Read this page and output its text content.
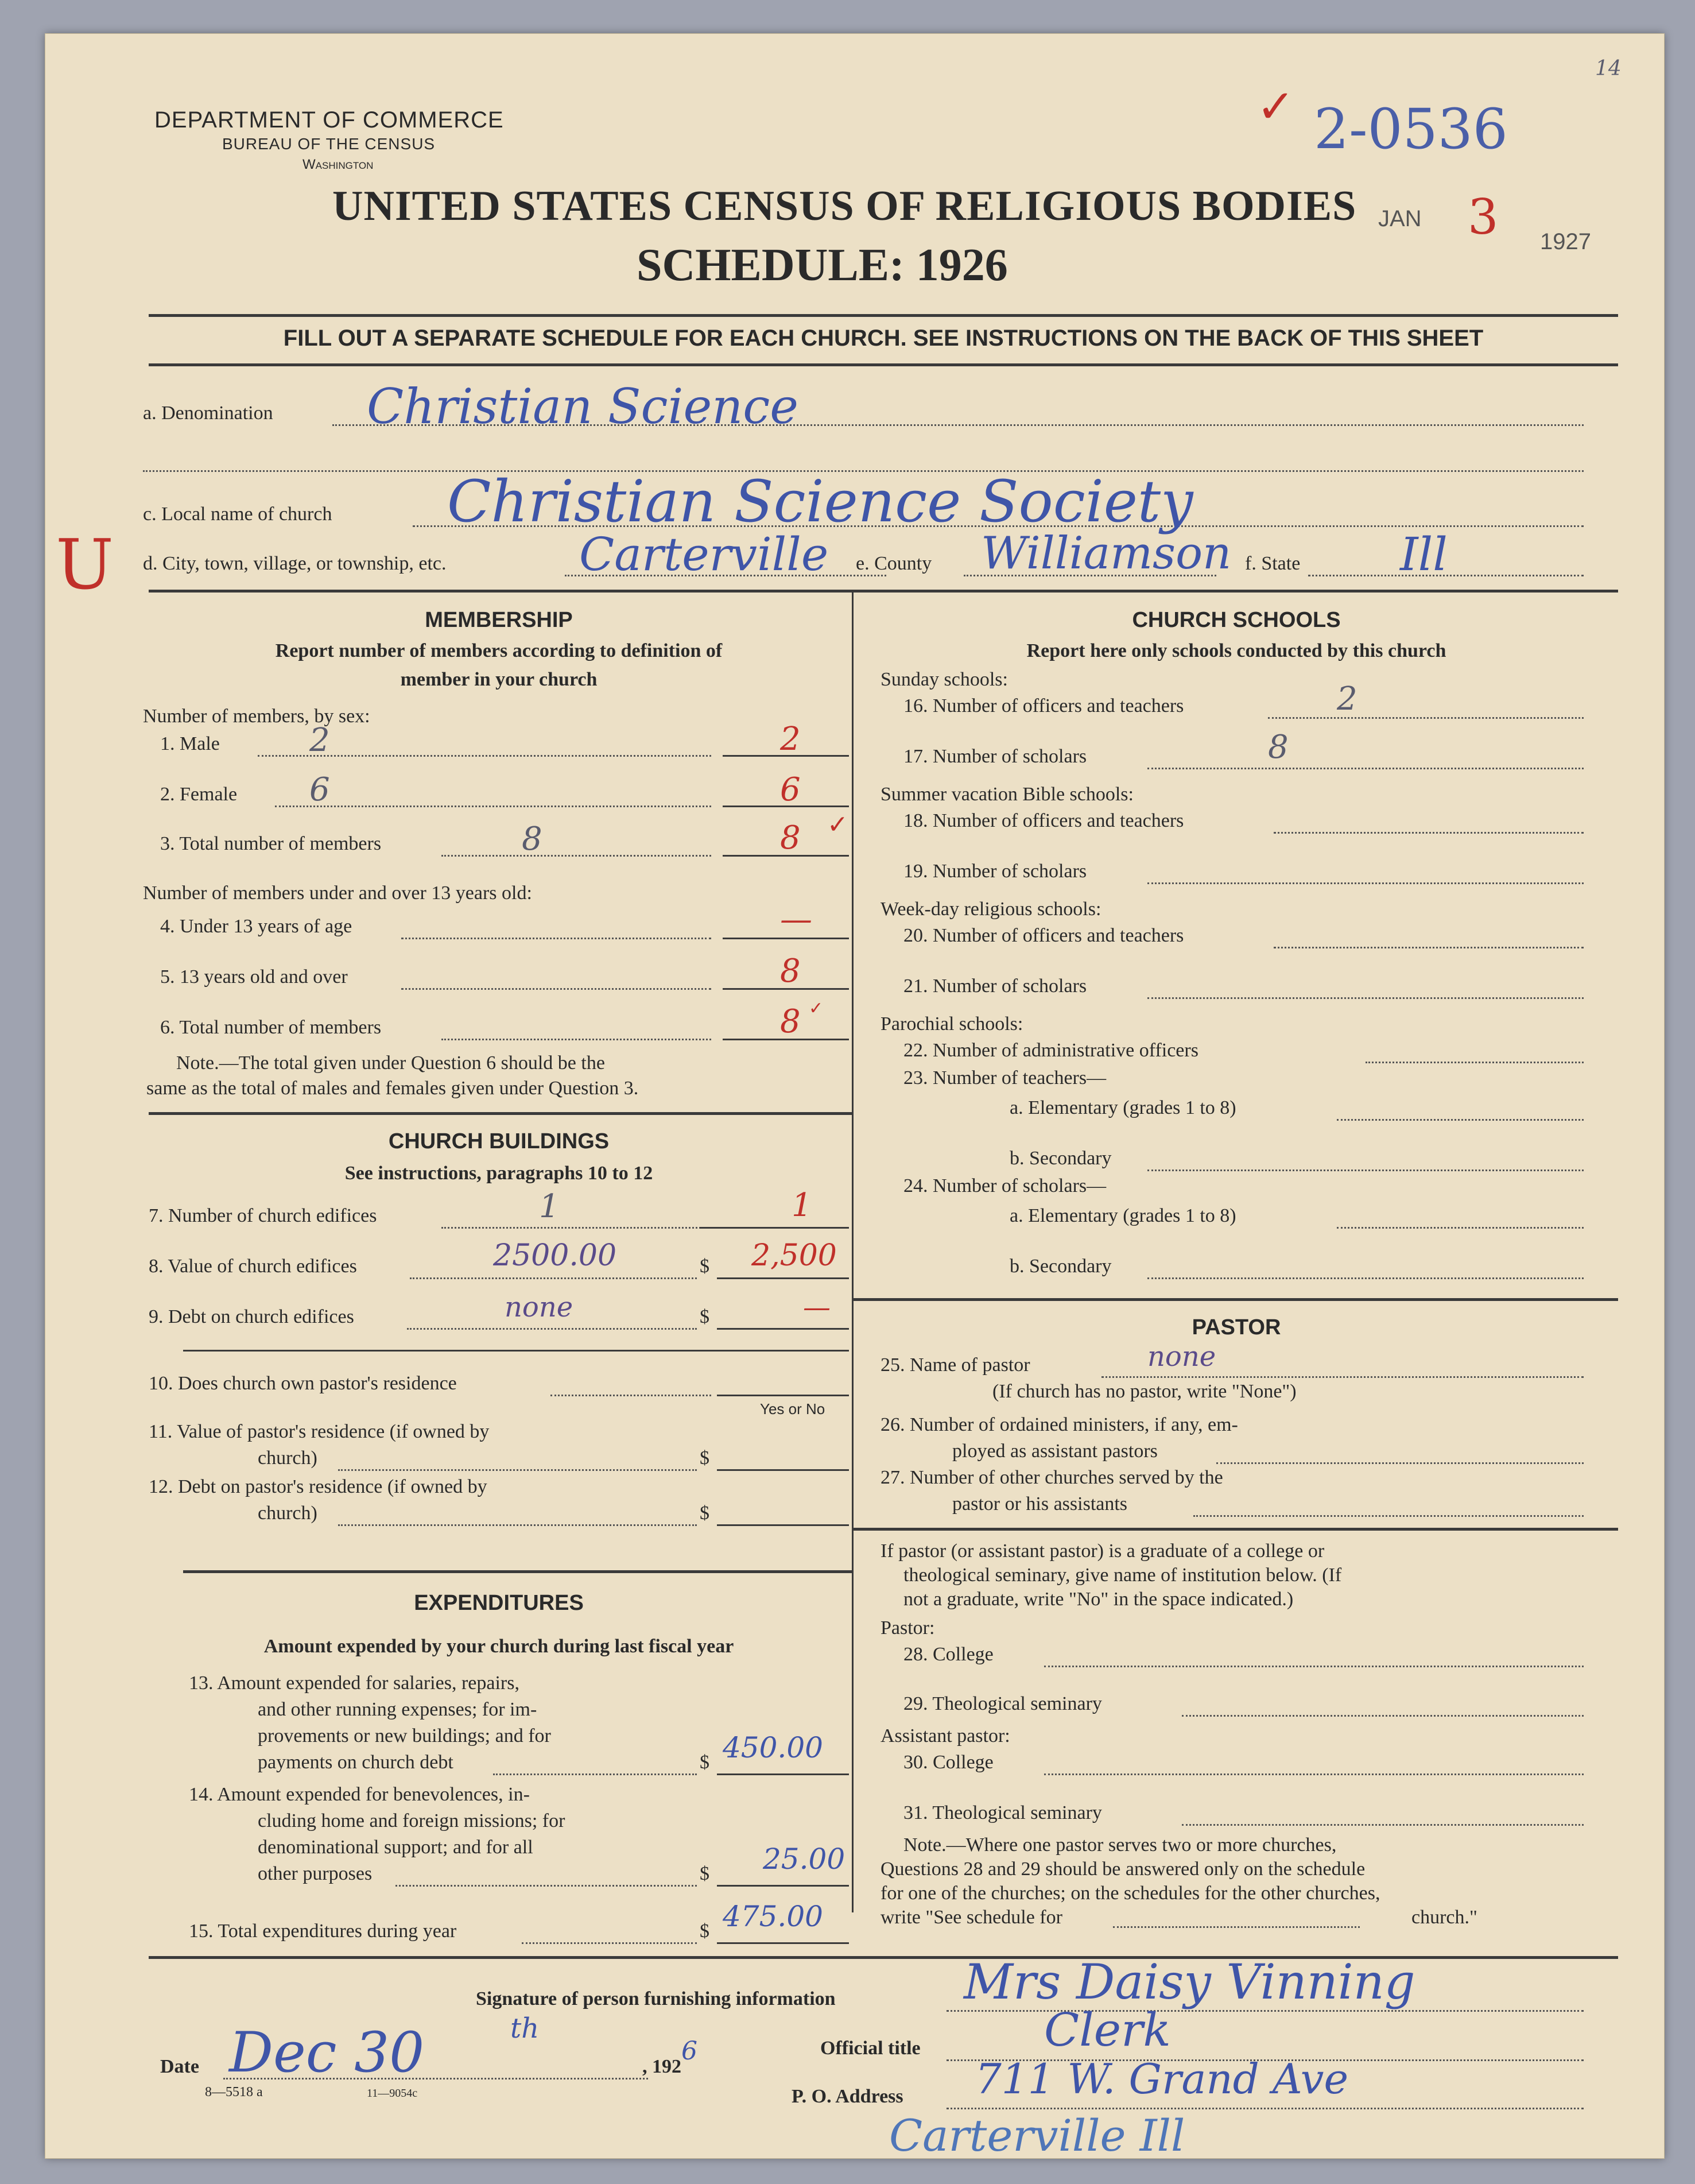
DEPARTMENT OF COMMERCE
BUREAU OF THE CENSUS
Washington
UNITED STATES CENSUS OF RELIGIOUS BODIES
SCHEDULE: 1926
2-0536
✓
14
JAN 3 1927
FILL OUT A SEPARATE SCHEDULE FOR EACH CHURCH. SEE INSTRUCTIONS ON THE BACK OF THIS SHEET
a. Denomination Christian Science
c. Local name of church Christian Science Society
U d. City, town, village, or township, etc.	Carterville e. County Williamson f. State Ill
MEMBERSHIP
Report number of members according to definition of
member in your church
Number of members, by sex:
1. Male	2	2
2. Female 6	6
3. Total number of members	8	8 ✓
Number of members under and over 13 years old:
4. Under 13 years of age	—
5. 13 years old and over	8
6. Total number of members	8 ✓
Note.—The total given under Question 6 should be the
same as the total of males and females given under Question 3.
CHURCH BUILDINGS
See instructions, paragraphs 10 to 12
7. Number of church edifices	1	1
8. Value of church edifices	2500.00	$ 2,500
9. Debt on church edifices	none	$	—
10. Does church own pastor's residence
Yes or No
11. Value of pastor's residence (if owned by
church)	$
12. Debt on pastor's residence (if owned by
church)	$
EXPENDITURES
Amount expended by your church during last fiscal year
13. Amount expended for salaries, repairs,
and other running expenses; for im-
provements or new buildings; and for
payments on church debt	$ 450.00
14. Amount expended for benevolences, in-
cluding home and foreign missions; for
denominational support; and for all
other purposes	$ 25.00
15. Total expenditures during year	$ 475.00
CHURCH SCHOOLS
Report here only schools conducted by this church
Sunday schools:
16. Number of officers and teachers	2
17. Number of scholars	8
Summer vacation Bible schools:
18. Number of officers and teachers
19. Number of scholars
Week-day religious schools:
20. Number of officers and teachers
21. Number of scholars
Parochial schools:
22. Number of administrative officers
23. Number of teachers—
a. Elementary (grades 1 to 8)
b. Secondary
24. Number of scholars—
a. Elementary (grades 1 to 8)
b. Secondary
PASTOR
25. Name of pastor	none
(If church has no pastor, write "None")
26. Number of ordained ministers, if any, em-
ployed as assistant pastors
27. Number of other churches served by the
pastor or his assistants
If pastor (or assistant pastor) is a graduate of a college or
theological seminary, give name of institution below. (If
not a graduate, write "No" in the space indicated.)
Pastor:
28. College
29. Theological seminary
Assistant pastor:
30. College
31. Theological seminary
Note.—Where one pastor serves two or more churches,
Questions 28 and 29 should be answered only on the schedule
for one of the churches; on the schedules for the other churches,
write "See schedule for	church."
Signature of person furnishing information	Mrs Daisy Vinning
Official title	Clerk
Date Dec 30	th
, 192
6
P. O. Address 711 W. Grand Ave
Carterville Ill
8—5518 a	11—9054c
